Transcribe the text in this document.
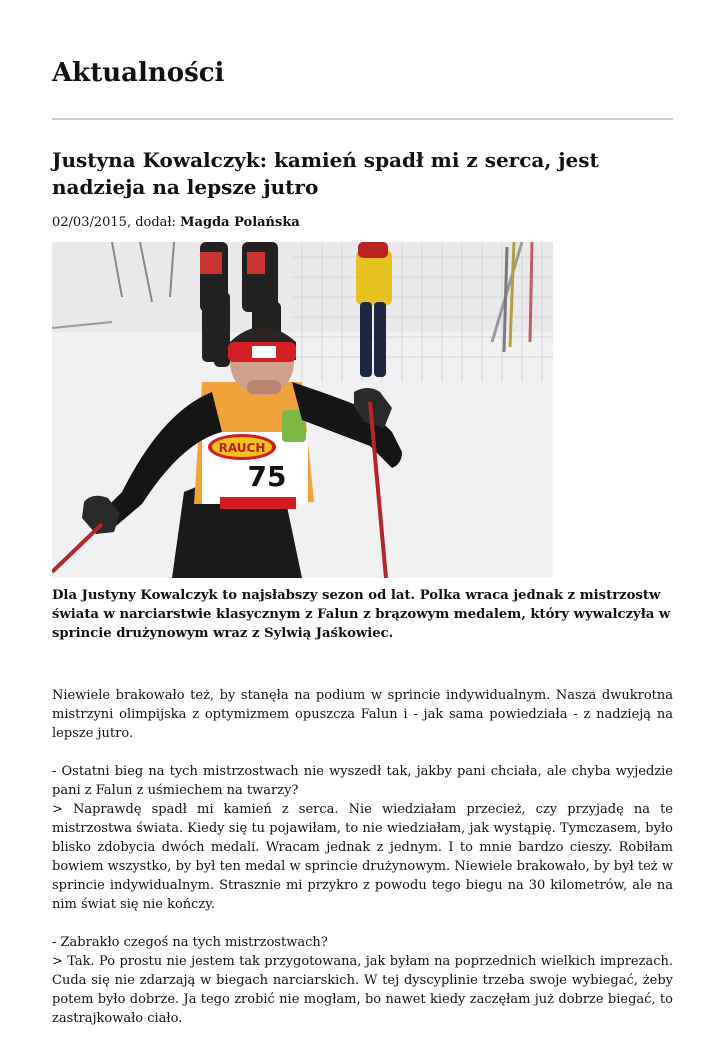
Aktualności
Justyna Kowalczyk: kamień spadł mi z serca, jest nadzieja na lepsze jutro
02/03/2015, dodał: Magda Polańska
RAUCH
75

Dla Justyny Kowalczyk to najsłabszy sezon od lat. Polka wraca jednak z mistrzostw świata w narciarstwie klasycznym z Falun z brązowym medalem, który wywalczyła w sprincie drużynowym wraz z Sylwią Jaśkowiec.

Niewiele brakowało też, by stanęła na podium w sprincie indywidualnym. Nasza dwukrotna mistrzyni olimpijska z optymizmem opuszcza Falun i - jak sama powiedziała - z nadzieją na lepsze jutro.

- Ostatni bieg na tych mistrzostwach nie wyszedł tak, jakby pani chciała, ale chyba wyjedzie pani z Falun z uśmiechem na twarzy?
> Naprawdę spadł mi kamień z serca. Nie wiedziałam przecież, czy przyjadę na te mistrzostwa świata. Kiedy się tu pojawiłam, to nie wiedziałam, jak wystąpię. Tymczasem, było blisko zdobycia dwóch medali. Wracam jednak z jednym. I to mnie bardzo cieszy. Robiłam bowiem wszystko, by był ten medal w sprincie drużynowym. Niewiele brakowało, by był też w sprincie indywidualnym. Strasznie mi przykro z powodu tego biegu na 30 kilometrów, ale na nim świat się nie kończy.

- Zabrakło czegoś na tych mistrzostwach?
> Tak. Po prostu nie jestem tak przygotowana, jak byłam na poprzednich wielkich imprezach. Cuda się nie zdarzają w biegach narciarskich. W tej dyscyplinie trzeba swoje wybiegać, żeby potem było dobrze. Ja tego zrobić nie mogłam, bo nawet kiedy zaczęłam już dobrze biegać, to zastrajkowało ciało.
